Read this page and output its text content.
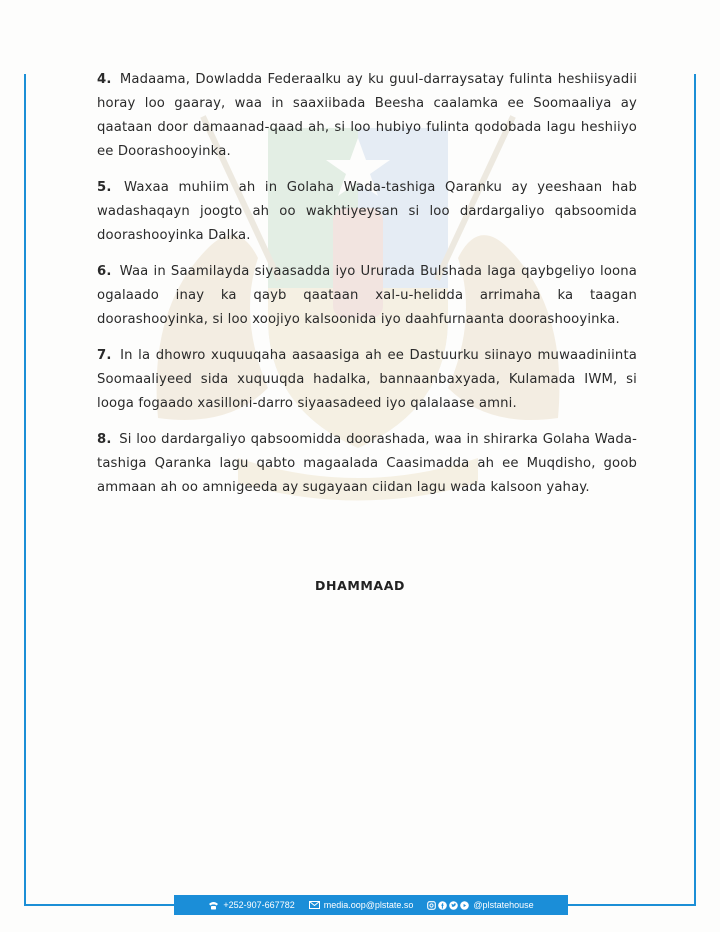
4. Madaama, Dowladda Federaalku ay ku guul-darraysatay fulinta heshiisyadii horay loo gaaray, waa in saaxiibada Beesha caalamka ee Soomaaliya ay qaataan door damaanad-qaad ah, si loo hubiyo fulinta qodobada lagu heshiiyo ee Doorashooyinka.

5. Waxaa muhiim ah in Golaha Wada-tashiga Qaranku ay yeeshaan hab wadashaqayn joogto ah oo wakhtiyeysan si loo dardargaliyo qabsoomida doorashooyinka Dalka.

6. Waa in Saamilayda siyaasadda iyo Ururada Bulshada laga qaybgeliyo loona ogalaado inay ka qayb qaataan xal-u-helidda arrimaha ka taagan doorashooyinka, si loo xoojiyo kalsoonida iyo daahfurnaanta doorashooyinka.

7. In la dhowro xuquuqaha aasaasiga ah ee Dastuurku siinayo muwaadiniinta Soomaaliyeed sida xuquuqda hadalka, bannaanbaxyada, Kulamada IWM, si looga fogaado xasilloni-darro siyaasadeed iyo qalalaase amni.

8. Si loo dardargaliyo qabsoomidda doorashada, waa in shirarka Golaha Wada-tashiga Qaranka lagu qabto magaalada Caasimadda ah ee Muqdisho, goob ammaan ah oo amnigeeda ay sugayaan ciidan lagu wada kalsoon yahay.

DHAMMAAD
+252-907-667782	media.oop@plstate.so	@plstatehouse
